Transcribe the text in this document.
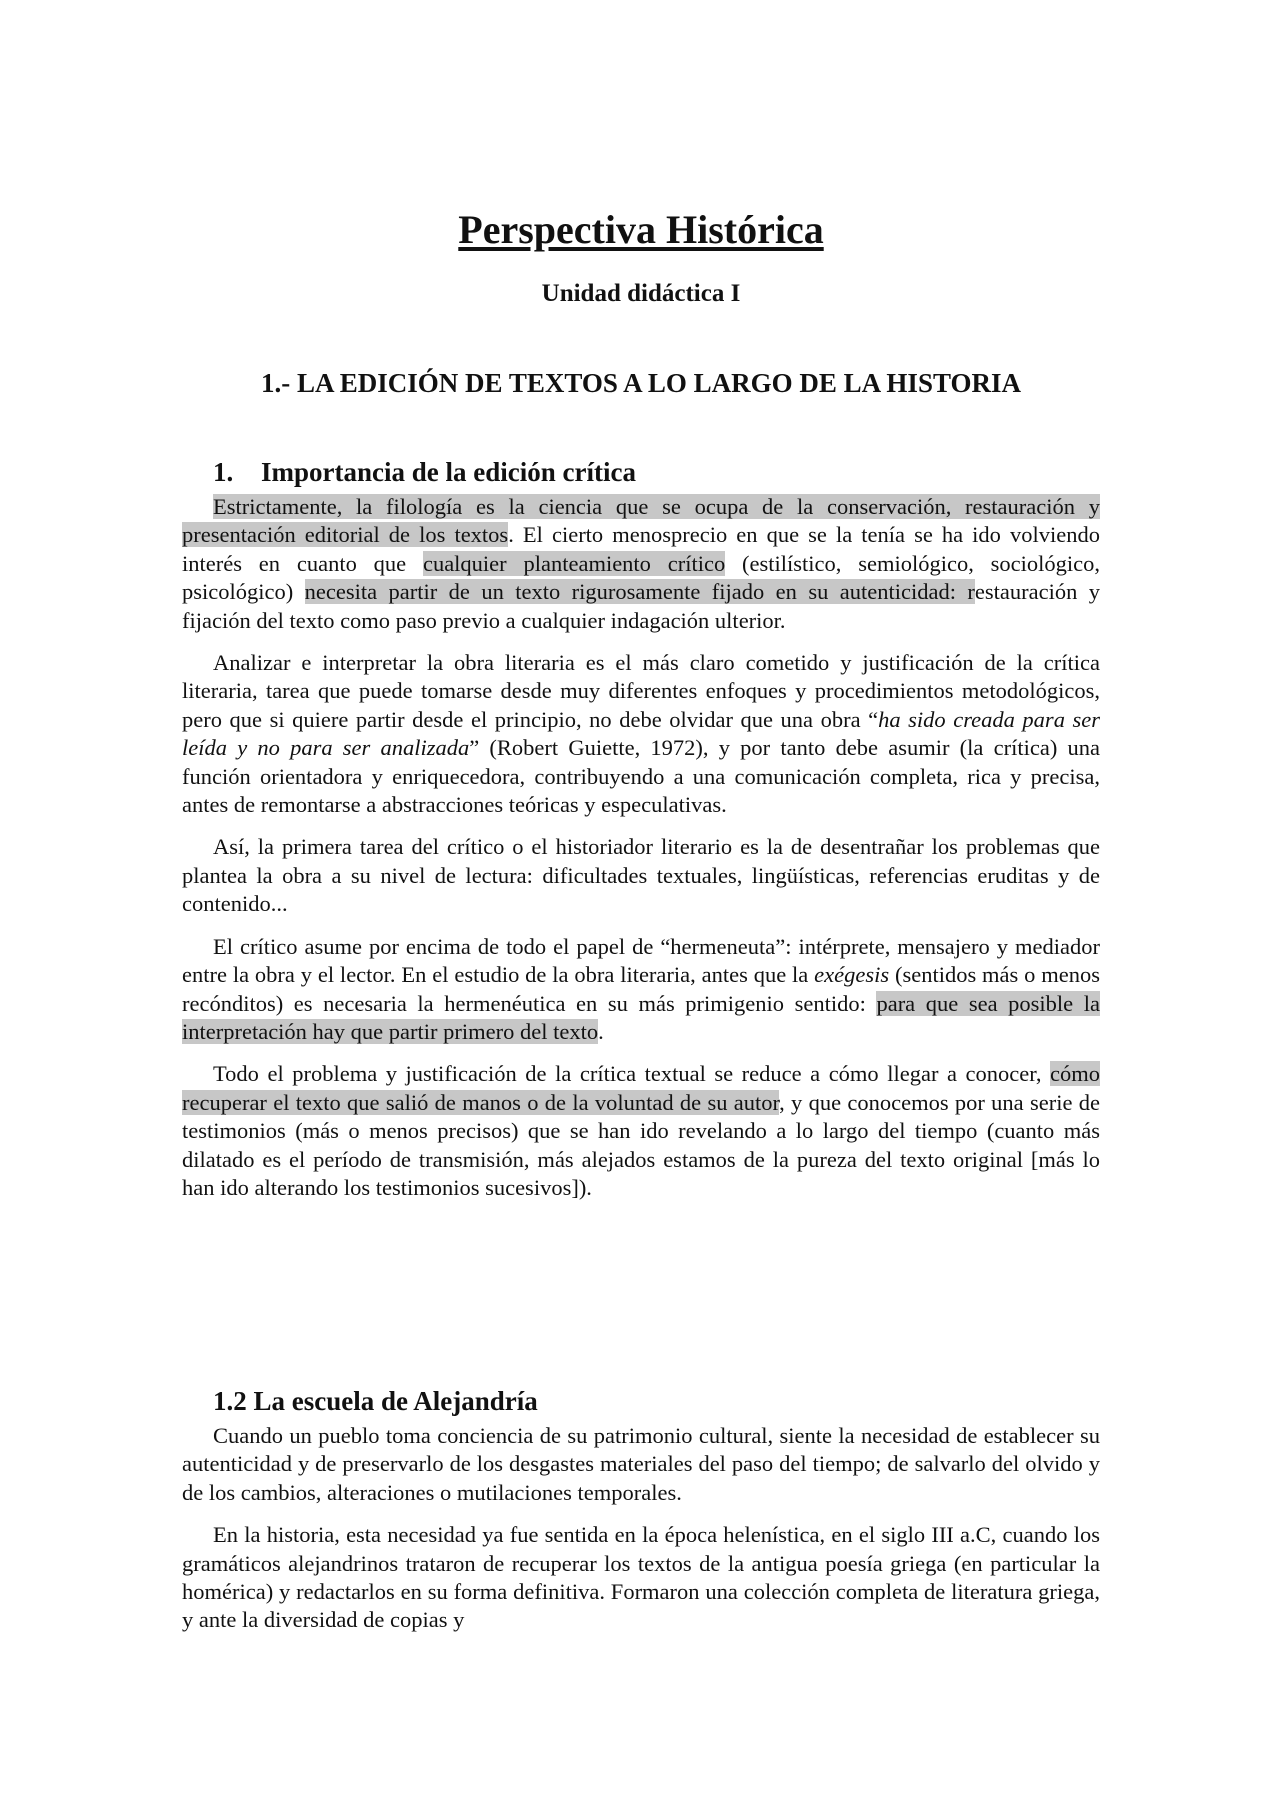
Perspectiva Histórica
Unidad didáctica I
1.- LA EDICIÓN DE TEXTOS A LO LARGO DE LA HISTORIA
1. Importancia de la edición crítica

Estrictamente, la filología es la ciencia que se ocupa de la conservación, restauración y presentación editorial de los textos. El cierto menosprecio en que se la tenía se ha ido volviendo interés en cuanto que cualquier planteamiento crítico (estilístico, semiológico, sociológico, psicológico) necesita partir de un texto rigurosamente fijado en su autenticidad: restauración y fijación del texto como paso previo a cualquier indagación ulterior.

Analizar e interpretar la obra literaria es el más claro cometido y justificación de la crítica literaria, tarea que puede tomarse desde muy diferentes enfoques y procedimientos metodológicos, pero que si quiere partir desde el principio, no debe olvidar que una obra “ha sido creada para ser leída y no para ser analizada” (Robert Guiette, 1972), y por tanto debe asumir (la crítica) una función orientadora y enriquecedora, contribuyendo a una comunicación completa, rica y precisa, antes de remontarse a abstracciones teóricas y especulativas.

Así, la primera tarea del crítico o el historiador literario es la de desentrañar los problemas que plantea la obra a su nivel de lectura: dificultades textuales, lingüísticas, referencias eruditas y de contenido...

El crítico asume por encima de todo el papel de “hermeneuta”: intérprete, mensajero y mediador entre la obra y el lector. En el estudio de la obra literaria, antes que la exégesis (sentidos más o menos recónditos) es necesaria la hermenéutica en su más primigenio sentido: para que sea posible la interpretación hay que partir primero del texto.

Todo el problema y justificación de la crítica textual se reduce a cómo llegar a conocer, cómo recuperar el texto que salió de manos o de la voluntad de su autor, y que conocemos por una serie de testimonios (más o menos precisos) que se han ido revelando a lo largo del tiempo (cuanto más dilatado es el período de transmisión, más alejados estamos de la pureza del texto original [más lo han ido alterando los testimonios sucesivos]).

1.2 La escuela de Alejandría

Cuando un pueblo toma conciencia de su patrimonio cultural, siente la necesidad de establecer su autenticidad y de preservarlo de los desgastes materiales del paso del tiempo; de salvarlo del olvido y de los cambios, alteraciones o mutilaciones temporales.

En la historia, esta necesidad ya fue sentida en la época helenística, en el siglo III a.C, cuando los gramáticos alejandrinos trataron de recuperar los textos de la antigua poesía griega (en particular la homérica) y redactarlos en su forma definitiva. Formaron una colección completa de literatura griega, y ante la diversidad de copias y
